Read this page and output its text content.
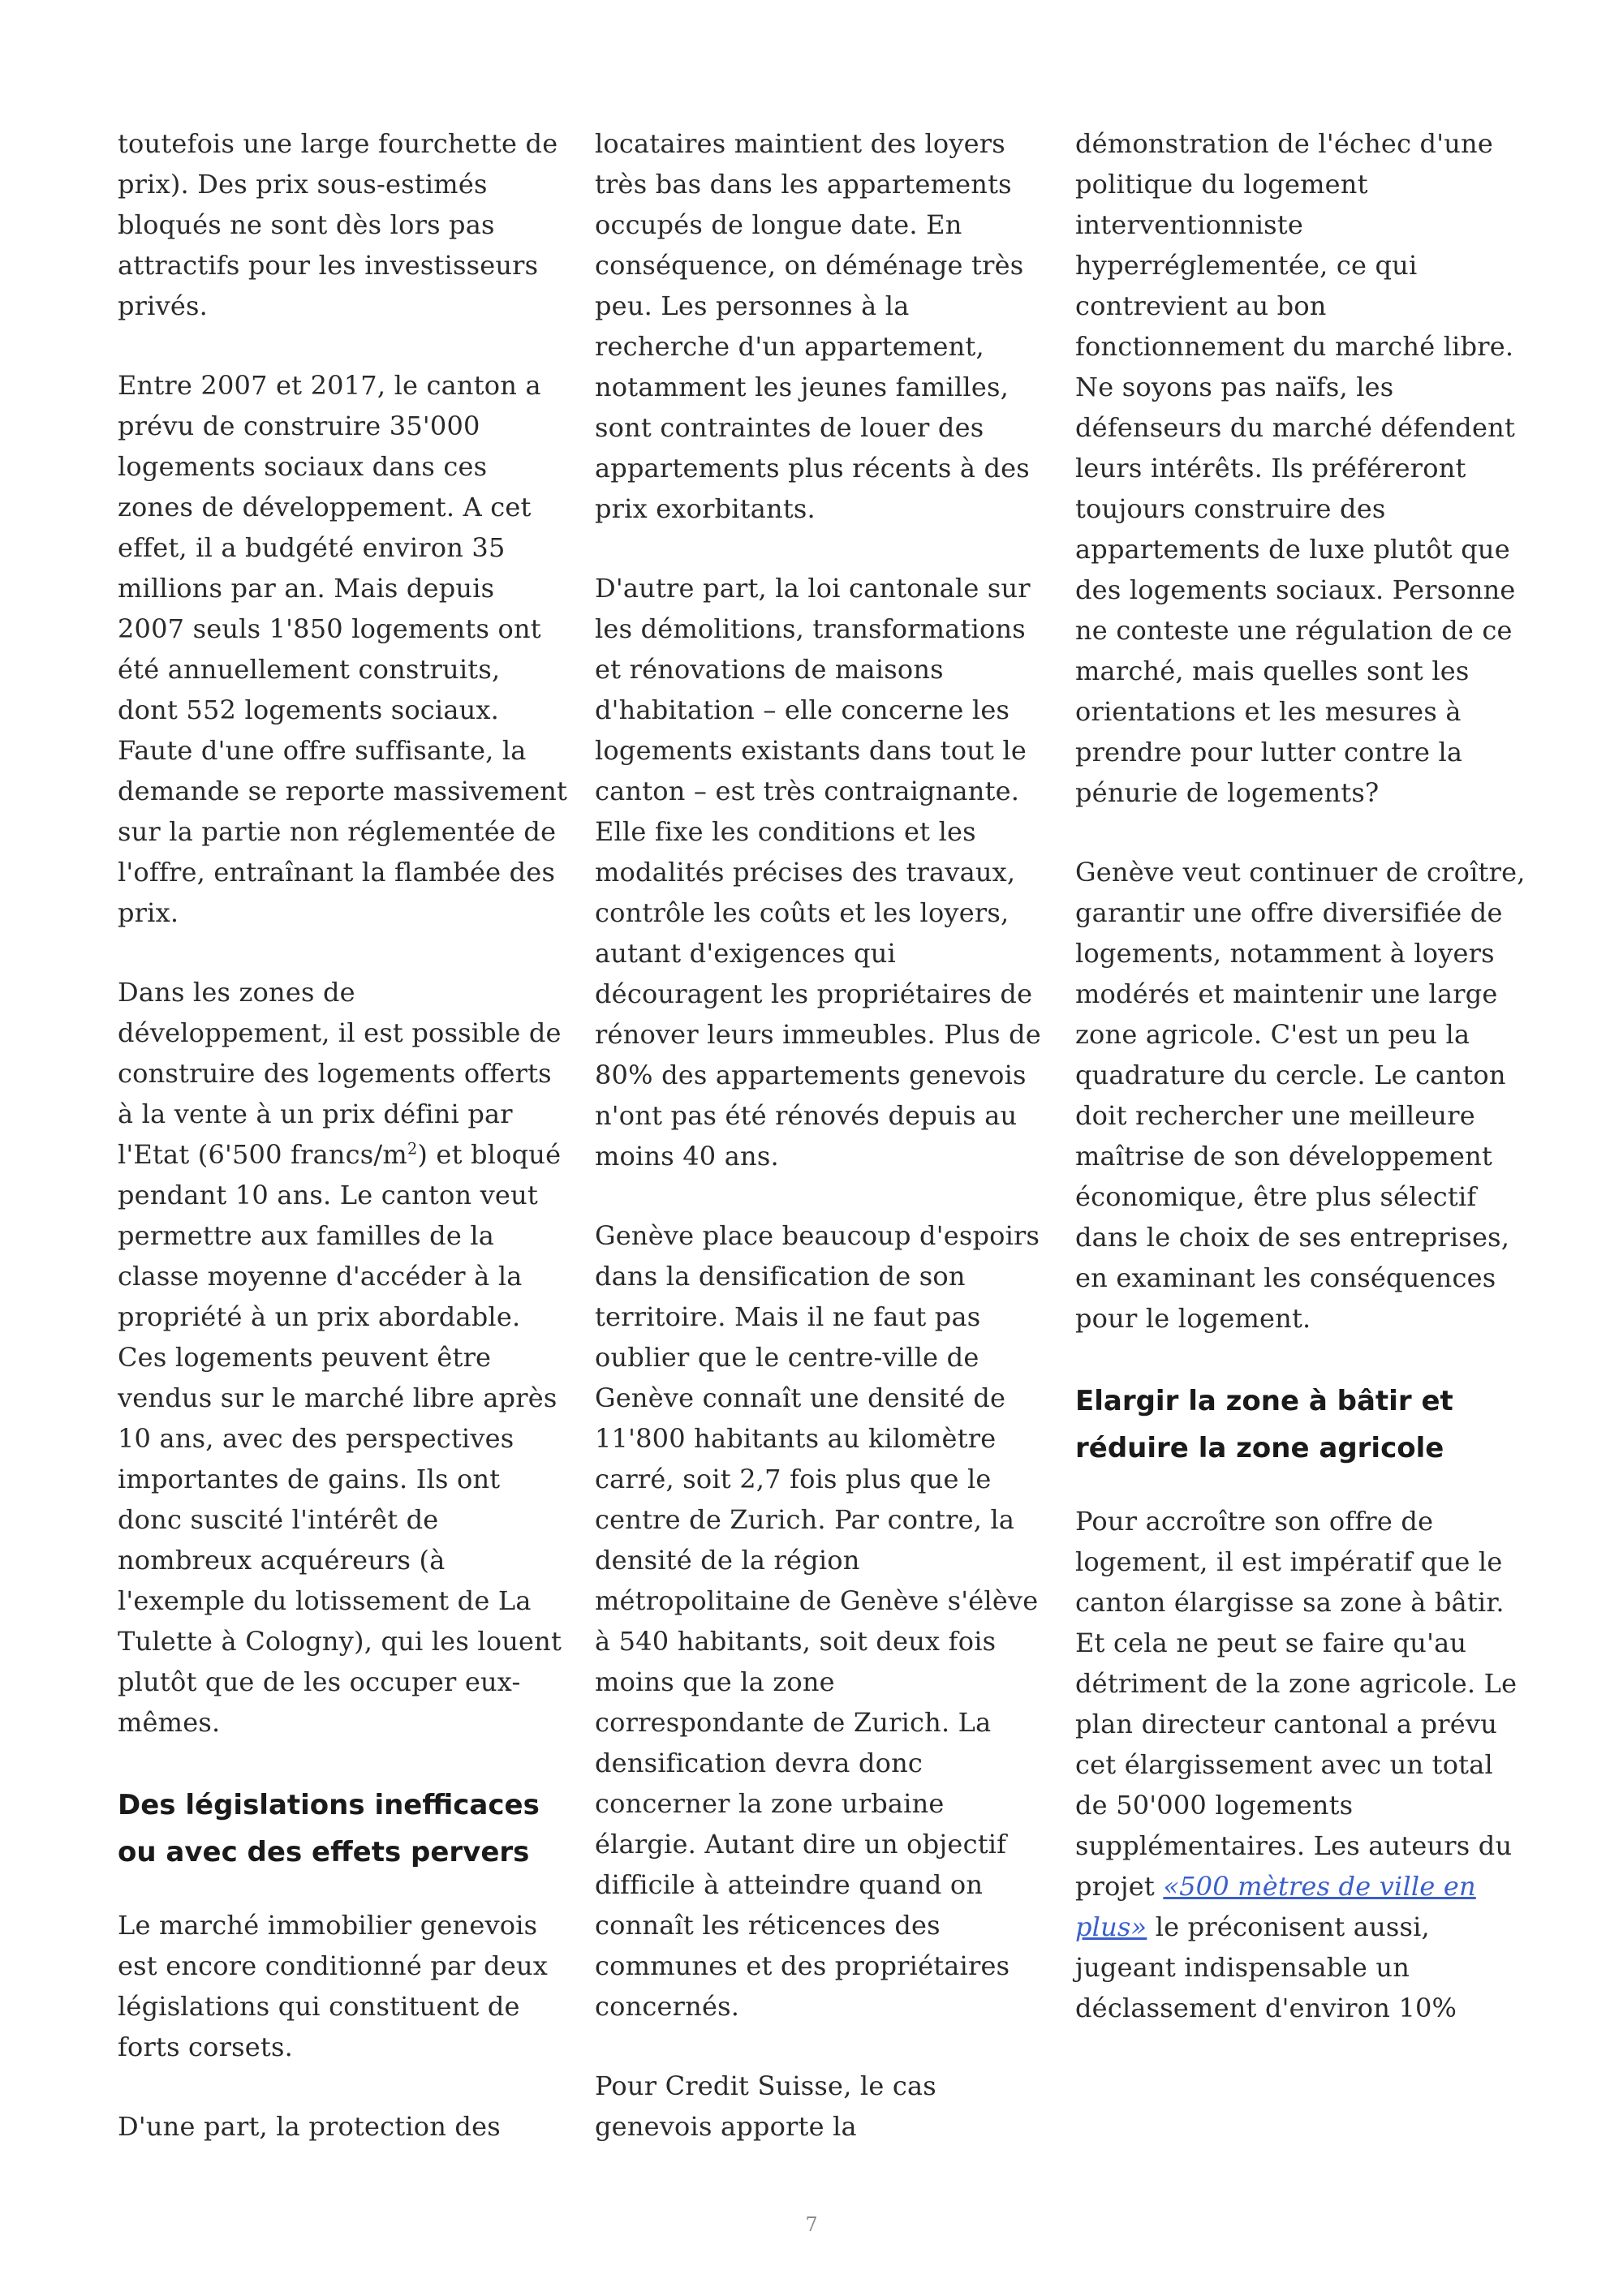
toutefois une large fourchette de prix). Des prix sous-estimés bloqués ne sont dès lors pas attractifs pour les investisseurs privés.

Entre 2007 et 2017, le canton a prévu de construire 35'000 logements sociaux dans ces zones de développement. A cet effet, il a budgété environ 35 millions par an. Mais depuis 2007 seuls 1'850 logements ont été annuellement construits, dont 552 logements sociaux. Faute d'une offre suffisante, la demande se reporte massivement sur la partie non réglementée de l'offre, entraînant la flambée des prix.

Dans les zones de développement, il est possible de construire des logements offerts à la vente à un prix défini par l'Etat (6'500 francs/$m^2$) et bloqué pendant 10 ans. Le canton veut permettre aux familles de la classe moyenne d'accéder à la propriété à un prix abordable. Ces logements peuvent être vendus sur le marché libre après 10 ans, avec des perspectives importantes de gains. Ils ont donc suscité l'intérêt de nombreux acquéreurs (à l'exemple du lotissement de La Tulette à Cologny), qui les louent plutôt que de les occuper eux-mêmes.

Des législations inefficaces ou avec des effets pervers

Le marché immobilier genevois est encore conditionné par deux législations qui constituent de forts corsets.

D'une part, la protection des

locataires maintient des loyers très bas dans les appartements occupés de longue date. En conséquence, on déménage très peu. Les personnes à la recherche d'un appartement, notamment les jeunes familles, sont contraintes de louer des appartements plus récents à des prix exorbitants.

D'autre part, la loi cantonale sur les démolitions, transformations et rénovations de maisons d'habitation – elle concerne les logements existants dans tout le canton – est très contraignante. Elle fixe les conditions et les modalités précises des travaux, contrôle les coûts et les loyers, autant d'exigences qui découragent les propriétaires de rénover leurs immeubles. Plus de 80% des appartements genevois n'ont pas été rénovés depuis au moins 40 ans.

Genève place beaucoup d'espoirs dans la densification de son territoire. Mais il ne faut pas oublier que le centre-ville de Genève connaît une densité de 11'800 habitants au kilomètre carré, soit 2,7 fois plus que le centre de Zurich. Par contre, la densité de la région métropolitaine de Genève s'élève à 540 habitants, soit deux fois moins que la zone correspondante de Zurich. La densification devra donc concerner la zone urbaine élargie. Autant dire un objectif difficile à atteindre quand on connaît les réticences des communes et des propriétaires concernés.

Pour Credit Suisse, le cas genevois apporte la

démonstration de l'échec d'une politique du logement interventionniste hyperréglementée, ce qui contrevient au bon fonctionnement du marché libre. Ne soyons pas naïfs, les défenseurs du marché défendent leurs intérêts. Ils préféreront toujours construire des appartements de luxe plutôt que des logements sociaux. Personne ne conteste une régulation de ce marché, mais quelles sont les orientations et les mesures à prendre pour lutter contre la pénurie de logements?

Genève veut continuer de croître, garantir une offre diversifiée de logements, notamment à loyers modérés et maintenir une large zone agricole. C'est un peu la quadrature du cercle. Le canton doit rechercher une meilleure maîtrise de son développement économique, être plus sélectif dans le choix de ses entreprises, en examinant les conséquences pour le logement.

Elargir la zone à bâtir et réduire la zone agricole

Pour accroître son offre de logement, il est impératif que le canton élargisse sa zone à bâtir. Et cela ne peut se faire qu'au détriment de la zone agricole. Le plan directeur cantonal a prévu cet élargissement avec un total de 50'000 logements supplémentaires. Les auteurs du projet «500 mètres de ville en plus» le préconisent aussi, jugeant indispensable un déclassement d'environ 10%

7
